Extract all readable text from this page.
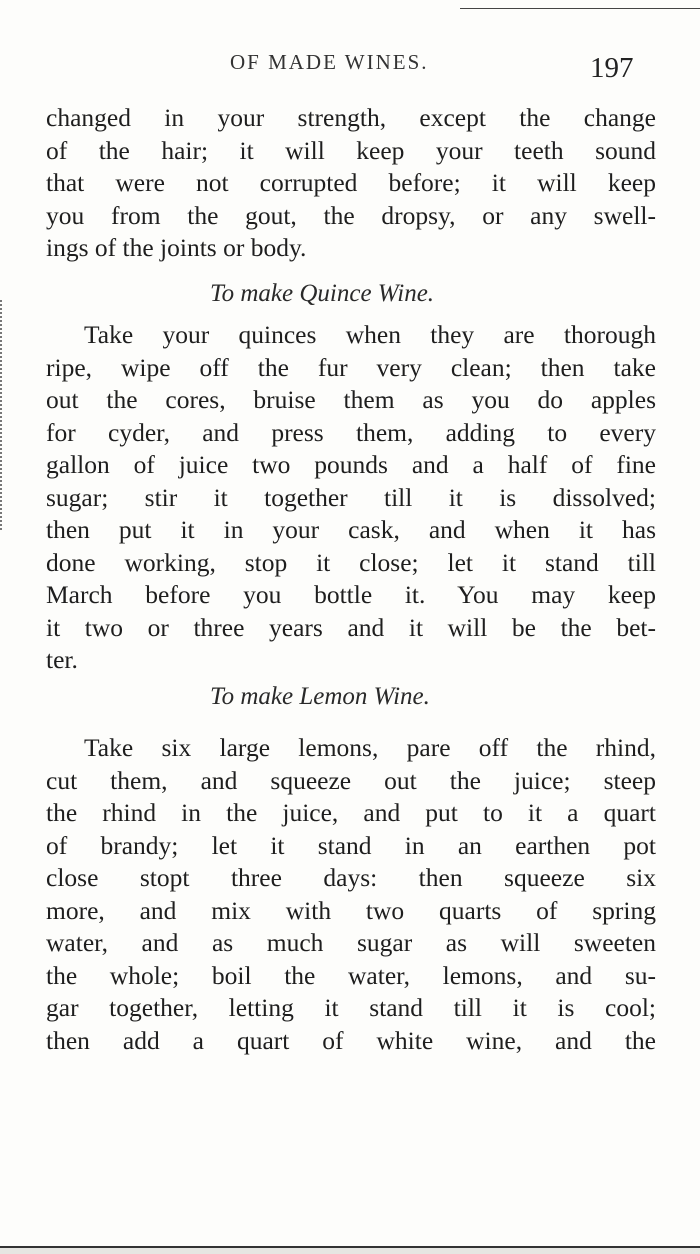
OF MADE WINES.	197
changed in your strength, except the change
of the hair; it will keep your teeth sound
that were not corrupted before; it will keep
you from the gout, the dropsy, or any swell-
ings of the joints or body.
To make Quince Wine.
Take your quinces when they are thorough
ripe, wipe off the fur very clean; then take
out the cores, bruise them as you do apples
for cyder, and press them, adding to every
gallon of juice two pounds and a half of fine
sugar; stir it together till it is dissolved;
then put it in your cask, and when it has
done working, stop it close; let it stand till
March before you bottle it. You may keep
it two or three years and it will be the bet-
ter.
To make Lemon Wine.
Take six large lemons, pare off the rhind,
cut them, and squeeze out the juice; steep
the rhind in the juice, and put to it a quart
of brandy; let it stand in an earthen pot
close stopt three days: then squeeze six
more, and mix with two quarts of spring
water, and as much sugar as will sweeten
the whole; boil the water, lemons, and su-
gar together, letting it stand till it is cool;
then add a quart of white wine, and the
